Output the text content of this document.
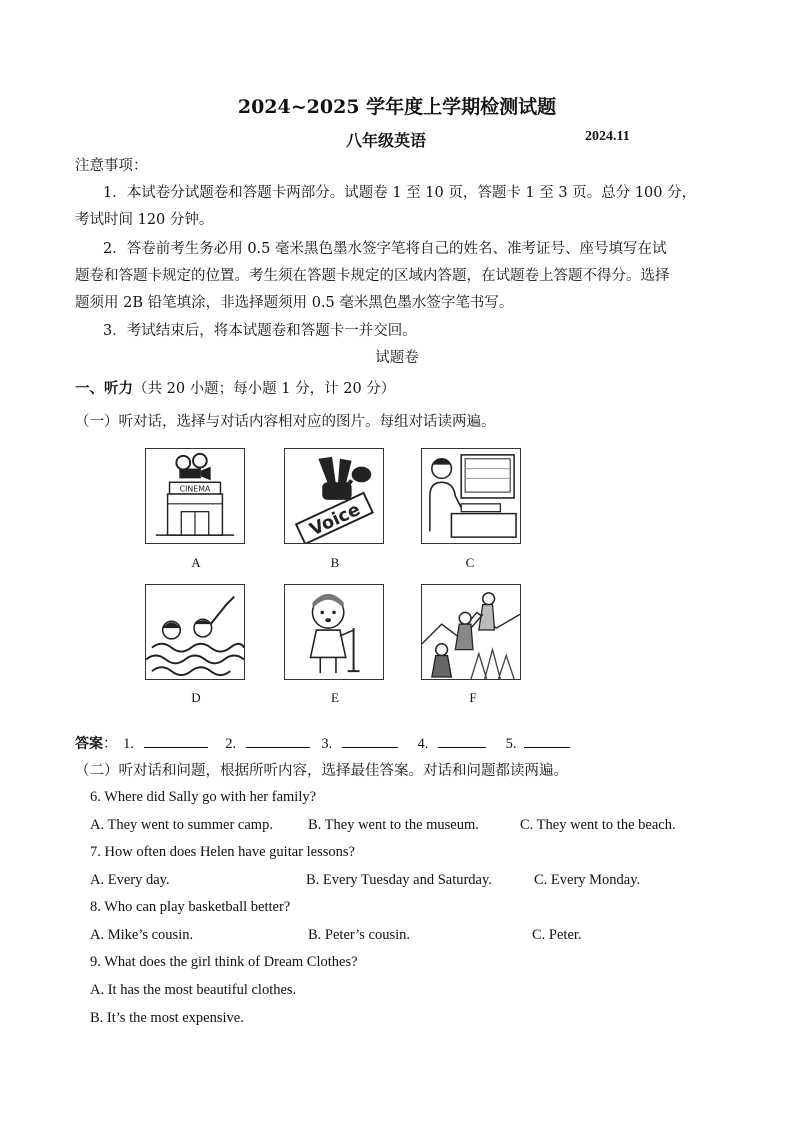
2024~2025 学年度上学期检测试题
八年级英语	2024.11
注意事项：
1．本试卷分试题卷和答题卡两部分。试题卷 1 至 10 页，答题卡 1 至 3 页。总分 100 分，
考试时间 120 分钟。
2．答卷前考生务必用 0.5 毫米黑色墨水签字笔将自己的姓名、准考证号、座号填写在试
题卷和答题卡规定的位置。考生须在答题卡规定的区域内答题，在试题卷上答题不得分。选择
题须用 2B 铅笔填涂，非选择题须用 0.5 毫米黑色墨水签字笔书写。
3．考试结束后，将本试题卷和答题卡一并交回。
试题卷
一、听力（共 20 小题；每小题 1 分，计 20 分）
（一）听对话，选择与对话内容相对应的图片。每组对话读两遍。
CINEMA
Voice
A	B	C
D	E	F
答案： 1.	2.	3.	4.	5.
（二）听对话和问题，根据所听内容，选择最佳答案。对话和问题都读两遍。
6. Where did Sally go with her family?
A. They went to summer camp. B. They went to the museum.	C. They went to the beach.
7. How often does Helen have guitar lessons?
A. Every day.	B. Every Tuesday and Saturday.	C. Every Monday.
8. Who can play basketball better?
A. Mike’s cousin.	B. Peter’s cousin.	C. Peter.
9. What does the girl think of Dream Clothes?
A. It has the most beautiful clothes.
B. It’s the most expensive.
